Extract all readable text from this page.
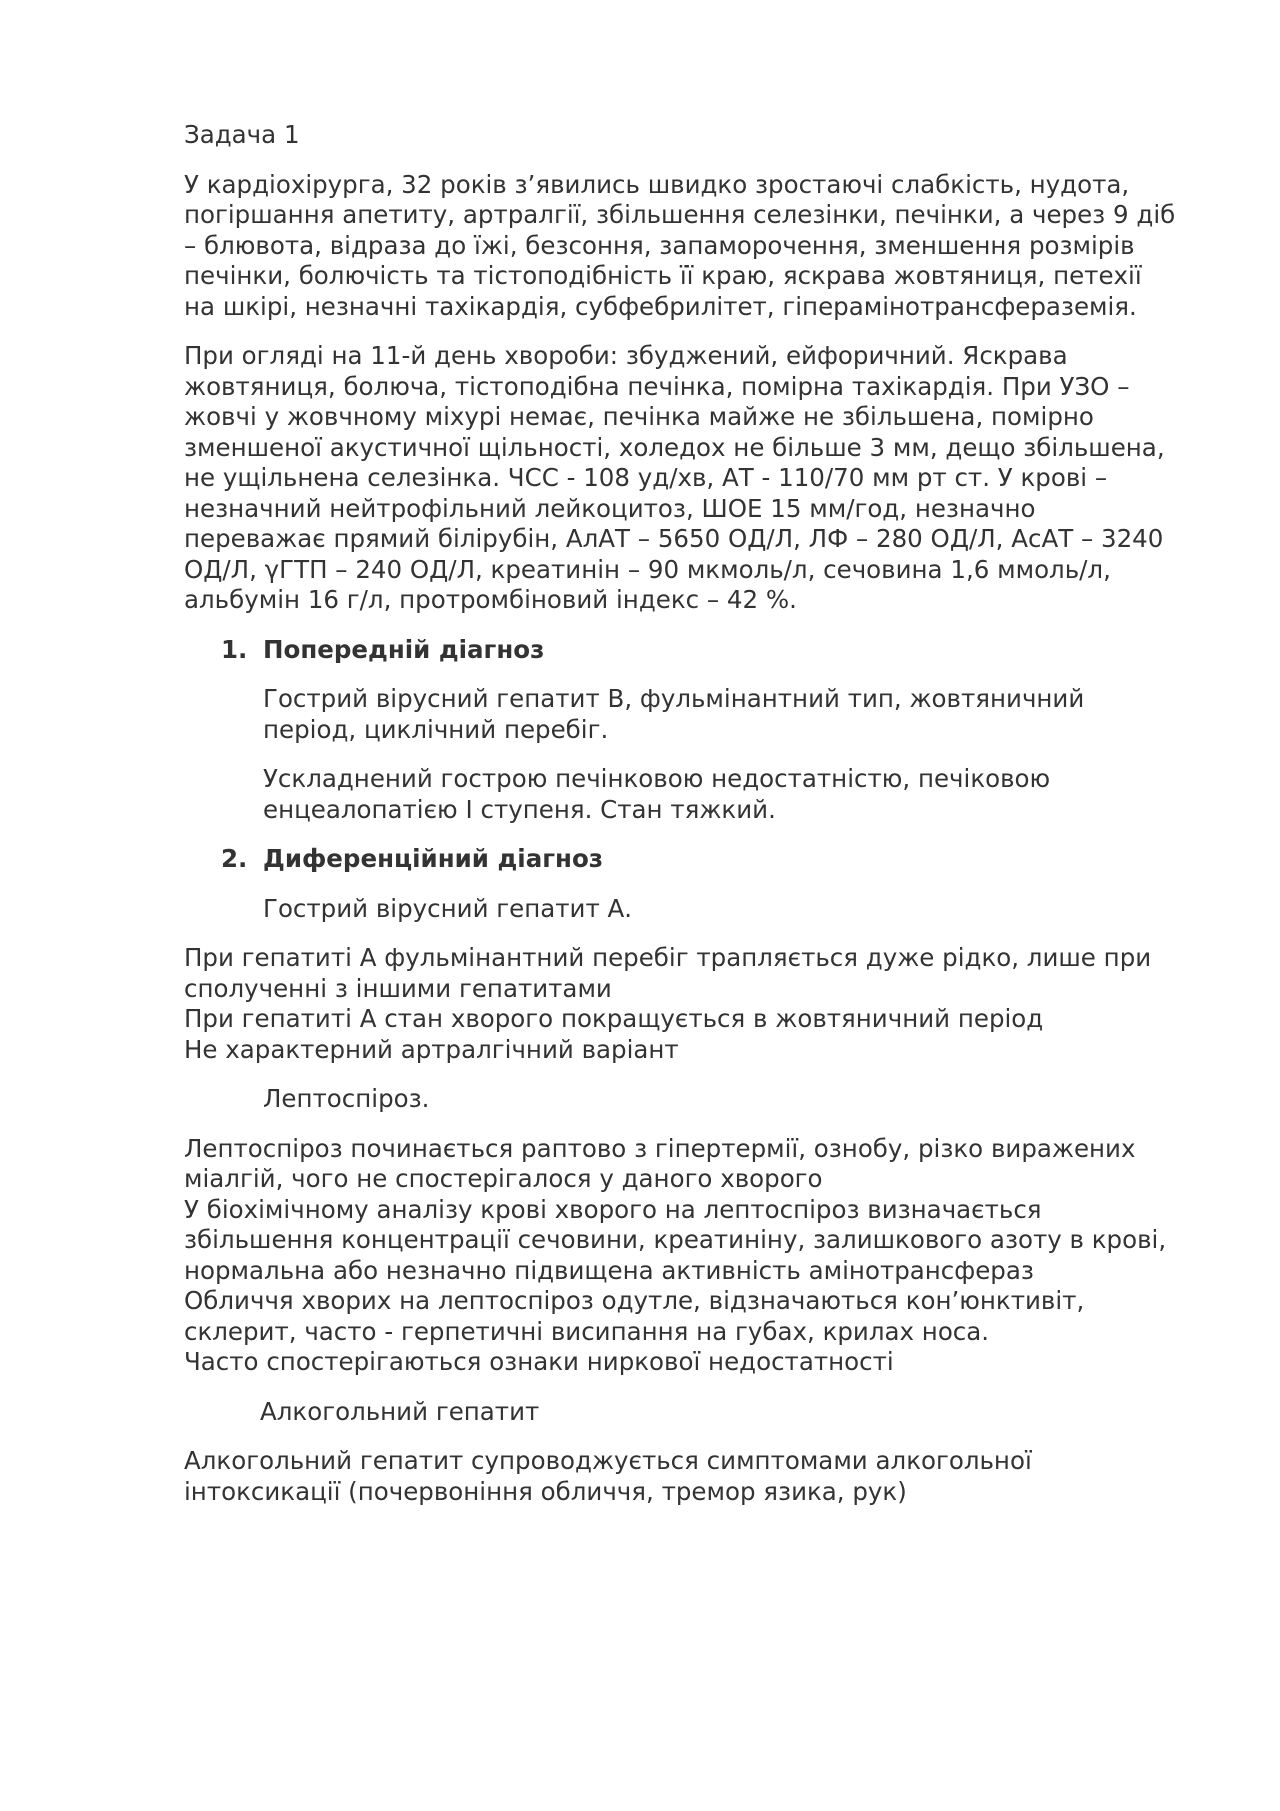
Задача 1

У кардіохірурга, 32 років з’явились швидко зростаючі слабкість, нудота,
погіршання апетиту, артралгії, збільшення селезінки, печінки, а через 9 діб
– блювота, відраза до їжі, безсоння, запаморочення, зменшення розмірів
печінки, болючість та тістоподібність її краю, яскрава жовтяниця, петехії
на шкірі, незначні тахікардія, субфебрилітет, гіперамінотрансфераземія.

При огляді на 11-й день хвороби: збуджений, ейфоричний. Яскрава
жовтяниця, болюча, тістоподібна печінка, помірна тахікардія. При УЗО –
жовчі у жовчному міхурі немає, печінка майже не збільшена, помірно
зменшеної акустичної щільності, холедох не більше 3 мм, дещо збільшена,
не ущільнена селезінка. ЧСС - 108 уд/хв, АТ - 110/70 мм рт ст. У крові –
незначний нейтрофільний лейкоцитоз, ШОЕ 15 мм/год, незначно
переважає прямий білірубін, АлАТ – 5650 ОД/Л, ЛФ – 280 ОД/Л, АсАТ – 3240
ОД/Л, γГТП – 240 ОД/Л, креатинін – 90 мкмоль/л, сечовина 1,6 ммоль/л,
альбумін 16 г/л, протромбіновий індекс – 42 %.

1. Попередній діагноз

Гострий вірусний гепатит В, фульмінантний тип, жовтяничний
період, циклічний перебіг.

Ускладнений гострою печінковою недостатністю, печіковою
енцеалопатією І ступеня. Стан тяжкий.

2. Диференційний діагноз

Гострий вірусний гепатит А.

При гепатиті А фульмінантний перебіг трапляється дуже рідко, лише при
сполученні з іншими гепатитами

При гепатиті А стан хворого покращується в жовтяничний період

Не характерний артралгічний варіант

Лептоспіроз.

Лептоспіроз починається раптово з гіпертермії, ознобу, різко виражених
міалгій, чого не спостерігалося у даного хворого

У біохімічному аналізу крові хворого на лептоспіроз визначається
збільшення концентрації сечовини, креатиніну, залишкового азоту в крові,
нормальна або незначно підвищена активність амінотрансфераз

Обличчя хворих на лептоспіроз одутле, відзначаються кон’юнктивіт,
склерит, часто - герпетичні висипання на губах, крилах носа.

Часто спостерігаються ознаки ниркової недостатності

Алкогольний гепатит

Алкогольний гепатит супроводжується симптомами алкогольної
інтоксикації (почервоніння обличчя, тремор язика, рук)
